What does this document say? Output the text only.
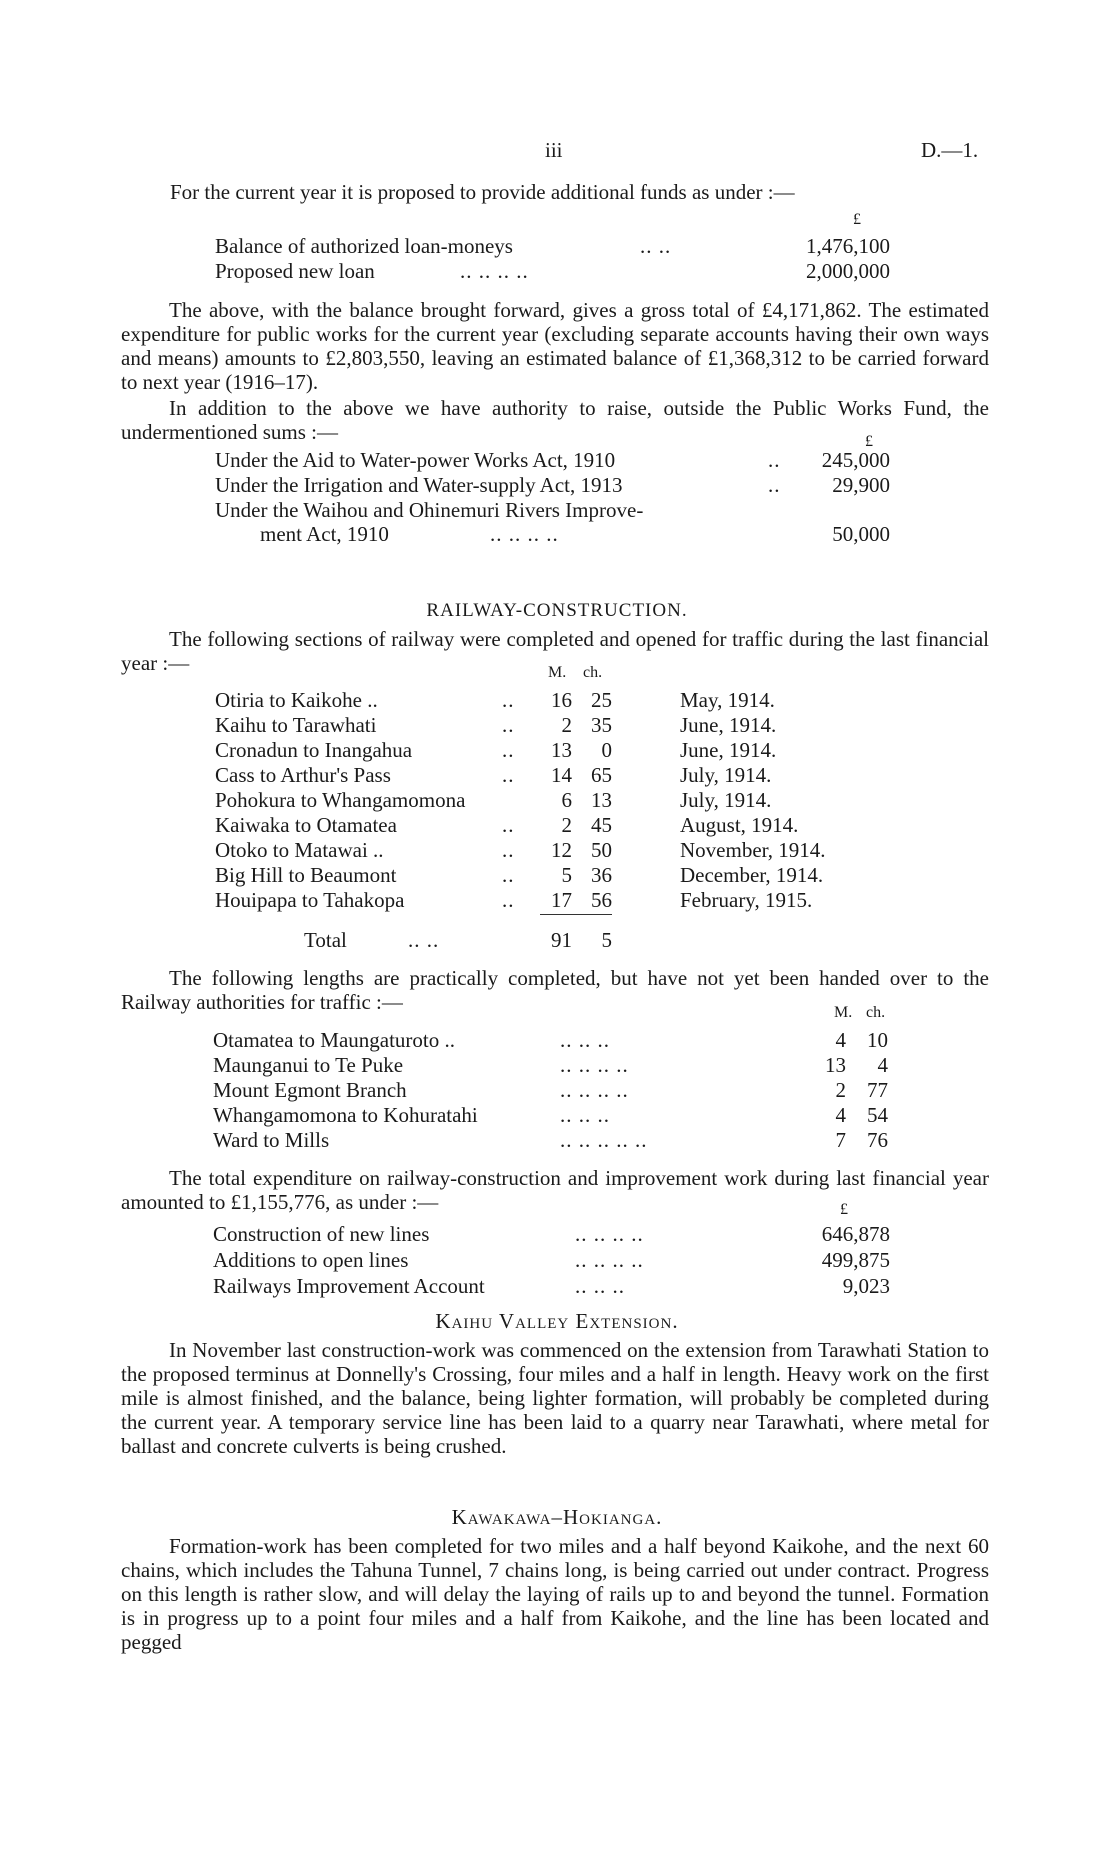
iii	D.—1.
For the current year it is proposed to provide additional funds as under :—
£
Balance of authorized loan-moneys	.. ..	1,476,100
Proposed new loan	.. .. .. ..	2,000,000

The above, with the balance brought forward, gives a gross total of £4,171,862. The estimated expenditure for public works for the current year (excluding separate accounts having their own ways and means) amounts to £2,803,550, leaving an estimated balance of £1,368,312 to be carried forward to next year (1916–17).

In addition to the above we have authority to raise, outside the Public Works Fund, the undermentioned sums :—	£
Under the Aid to Water-power Works Act, 1910	..	245,000
Under the Irrigation and Water-supply Act, 1913	..	29,900
Under the Waihou and Ohinemuri Rivers Improve-
ment Act, 1910	.. .. .. ..	50,000
RAILWAY-CONSTRUCTION.

The following sections of railway were completed and opened for traffic during the last financial year :—	M. ch.
Otiria to Kaikohe ..	..	16 25	May, 1914.
Kaihu to Tarawhati	..	2 35	June, 1914.
Cronadun to Inangahua	..	13	0	June, 1914.
Cass to Arthur's Pass	..	14 65	July, 1914.
Pohokura to Whangamomona	6 13	July, 1914.
Kaiwaka to Otamatea	..	2 45	August, 1914.
Otoko to Matawai ..	..	12 50	November, 1914.
Big Hill to Beaumont	..	5 36	December, 1914.
Houipapa to Tahakopa	..	17 56	February, 1915.
Total	.. ..	91	5

The following lengths are practically completed, but have not yet been handed over to the Railway authorities for traffic :—	M. ch.
Otamatea to Maungaturoto ..	.. .. ..	4	10
Maunganui to Te Puke	.. .. .. ..	13	4
Mount Egmont Branch	.. .. .. ..	2	77
Whangamomona to Kohuratahi	.. .. ..	4	54
Ward to Mills	.. .. .. .. ..	7	76

The total expenditure on railway-construction and improvement work during last financial year amounted to £1,155,776, as under :—	£
Construction of new lines	.. .. .. ..	646,878
Additions to open lines	.. .. .. ..	499,875
Railways Improvement Account	.. .. ..	9,023
Kaihu Valley Extension.

In November last construction-work was commenced on the extension from Tarawhati Station to the proposed terminus at Donnelly's Crossing, four miles and a half in length. Heavy work on the first mile is almost finished, and the balance, being lighter formation, will probably be completed during the current year. A temporary service line has been laid to a quarry near Tarawhati, where metal for ballast and concrete culverts is being crushed.

Kawakawa–Hokianga.

Formation-work has been completed for two miles and a half beyond Kaikohe, and the next 60 chains, which includes the Tahuna Tunnel, 7 chains long, is being carried out under contract. Progress on this length is rather slow, and will delay the laying of rails up to and beyond the tunnel. Formation is in progress up to a point four miles and a half from Kaikohe, and the line has been located and pegged
